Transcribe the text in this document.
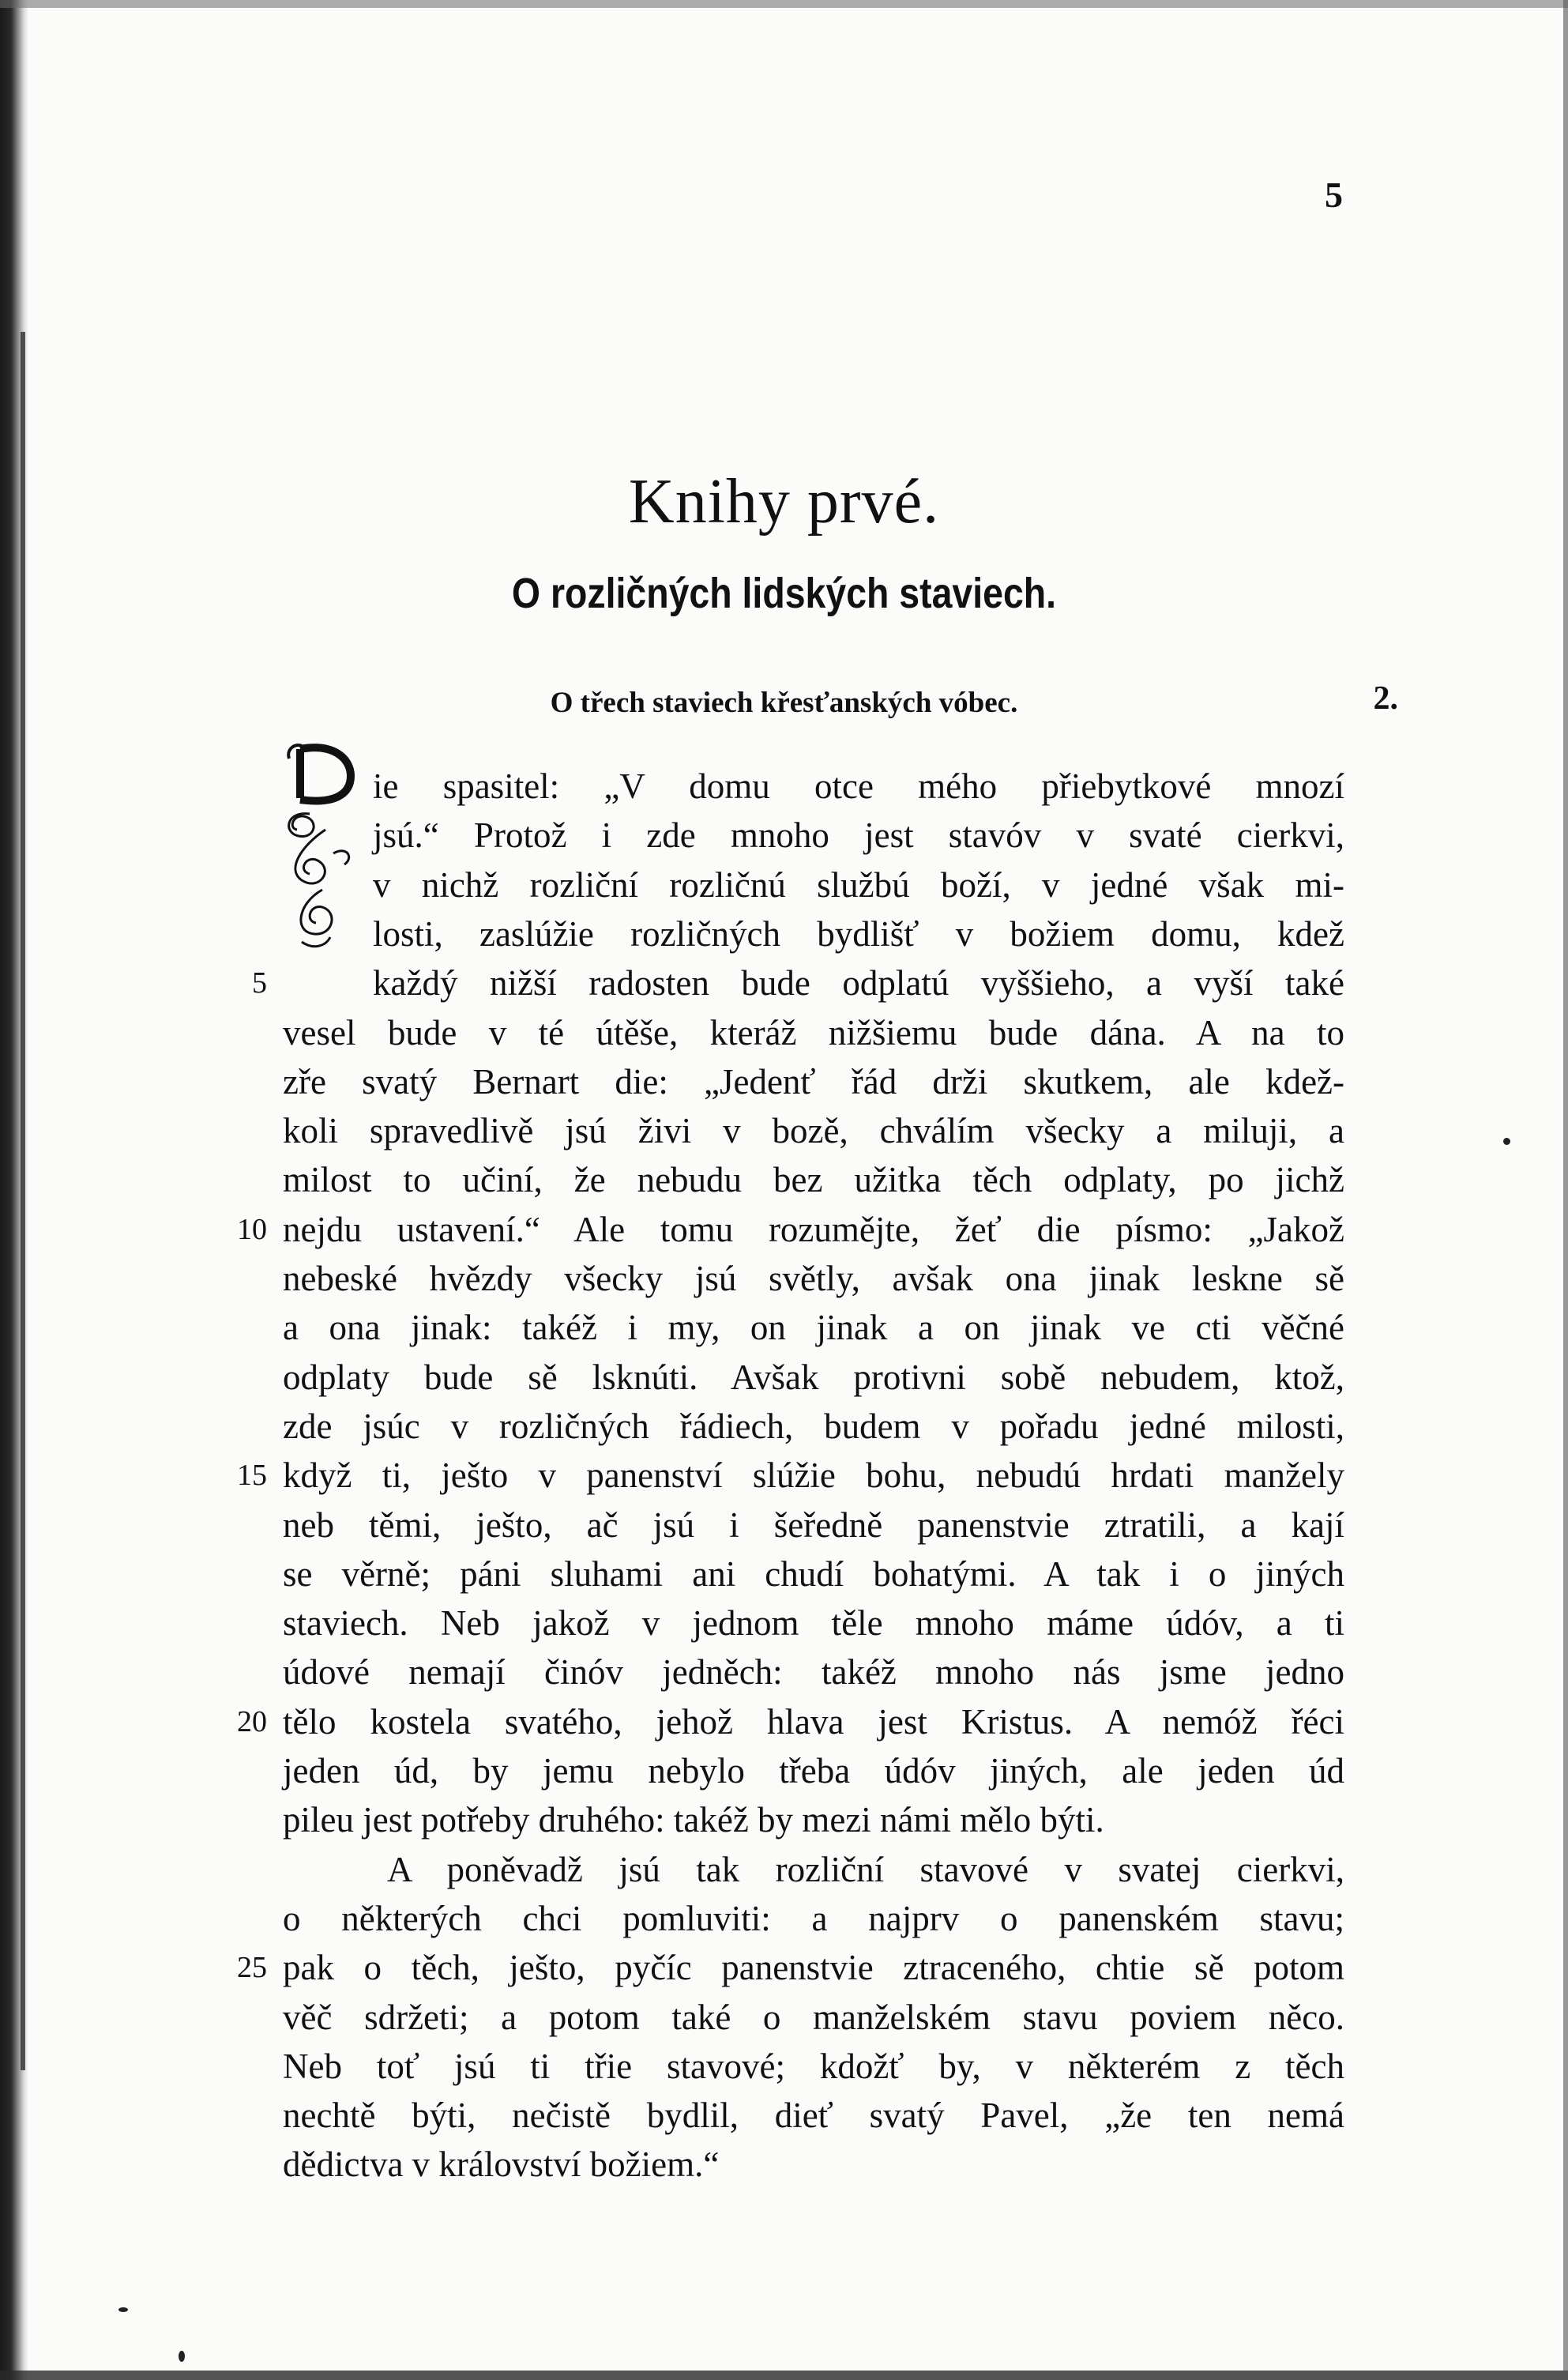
5
Knihy prvé.
O rozličných lidských staviech.
O třech staviech křesťanských vóbec.	2.
ie spasitel: „V domu otce mého přiebytkové mnozí
jsú.“ Protož i zde mnoho jest stavóv v svaté cierkvi,
v nichž rozliční rozličnú službú boží, v jedné však mi-
losti, zaslúžie rozličných bydlišť v božiem domu, kdež
každý nižší radosten bude odplatú vyššieho, a vyší také
vesel bude v té útěše, kteráž nižšiemu bude dána. A na to
zře svatý Bernart die: „Jedenť řád drži skutkem, ale kdež-
koli spravedlivě jsú živi v bozě, chválím všecky a miluji, a
milost to učiní, že nebudu bez užitka těch odplaty, po jichž
nejdu ustavení.“ Ale tomu rozumějte, žeť die písmo: „Jakož
nebeské hvězdy všecky jsú světly, avšak ona jinak leskne sě
a ona jinak: takéž i my, on jinak a on jinak ve cti věčné
odplaty bude sě lsknúti. Avšak protivni sobě nebudem, ktož,
zde jsúc v rozličných řádiech, budem v pořadu jedné milosti,
když ti, ješto v panenství slúžie bohu, nebudú hrdati manžely
neb těmi, ješto, ač jsú i šeředně panenstvie ztratili, a kají
se věrně; páni sluhami ani chudí bohatými. A tak i o jiných
staviech. Neb jakož v jednom těle mnoho máme údóv, a ti
údové nemají činóv jedněch: takéž mnoho nás jsme jedno
tělo kostela svatého, jehož hlava jest Kristus. A nemóž řéci
jeden úd, by jemu nebylo třeba údóv jiných, ale jeden úd
pileu jest potřeby druhého: takéž by mezi námi mělo býti.
A poněvadž jsú tak rozliční stavové v svatej cierkvi,
o některých chci pomluviti: a najprv o panenském stavu;
pak o těch, ješto, pyčíc panenstvie ztraceného, chtie sě potom
věč sdržeti; a potom také o manželském stavu poviem něco.
Neb toť jsú ti třie stavové; kdožť by, v některém z těch
nechtě býti, nečistě bydlil, dieť svatý Pavel, „že ten nemá
dědictva v království božiem.“
5
10
15
20
25
